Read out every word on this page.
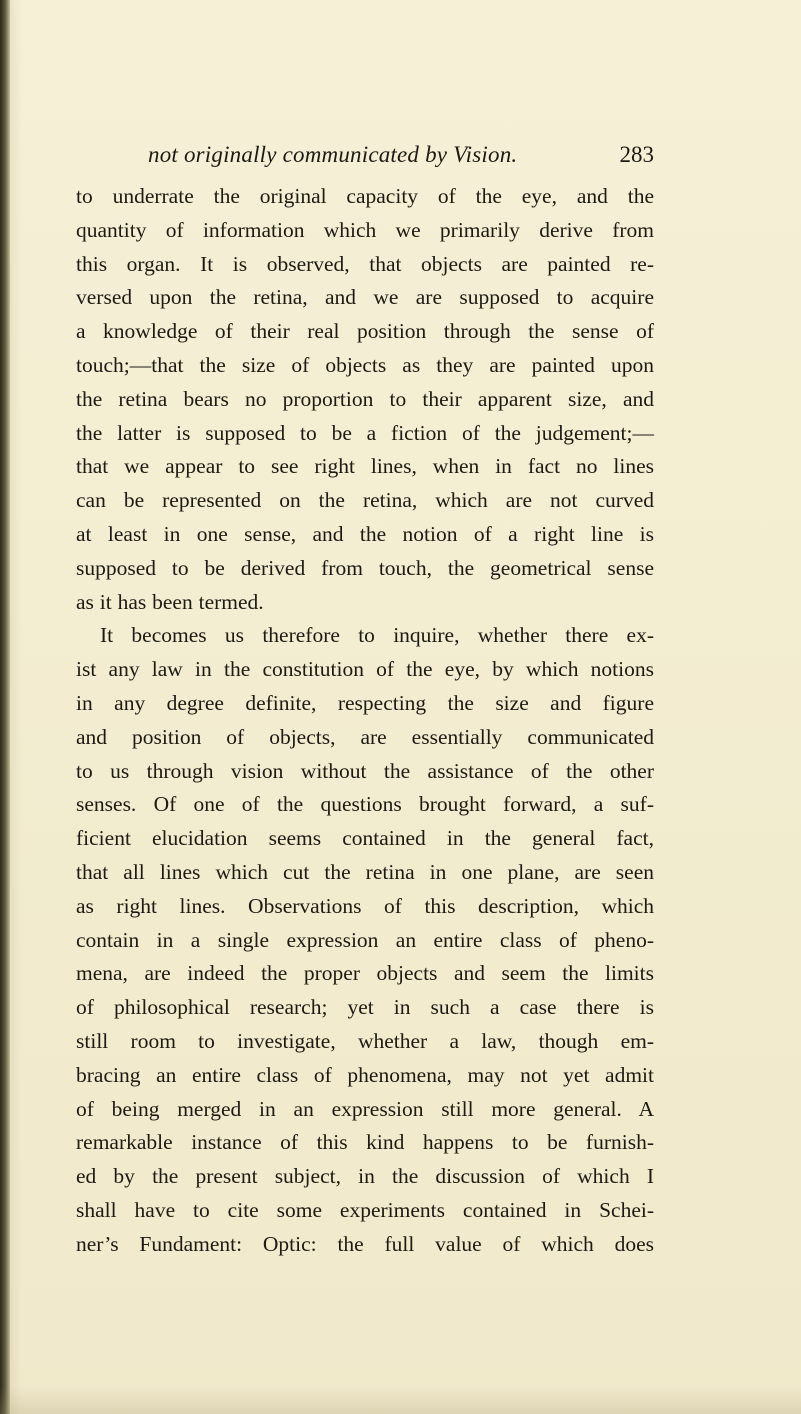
not originally communicated by Vision.	283
to underrate the original capacity of the eye, and the
quantity of information which we primarily derive from
this organ. It is observed, that objects are painted re-
versed upon the retina, and we are supposed to acquire
a knowledge of their real position through the sense of
touch;—that the size of objects as they are painted upon
the retina bears no proportion to their apparent size, and
the latter is supposed to be a fiction of the judgement;—
that we appear to see right lines, when in fact no lines
can be represented on the retina, which are not curved
at least in one sense, and the notion of a right line is
supposed to be derived from touch, the geometrical sense
as it has been termed.
It becomes us therefore to inquire, whether there ex-
ist any law in the constitution of the eye, by which notions
in any degree definite, respecting the size and figure
and position of objects, are essentially communicated
to us through vision without the assistance of the other
senses. Of one of the questions brought forward, a suf-
ficient elucidation seems contained in the general fact,
that all lines which cut the retina in one plane, are seen
as right lines. Observations of this description, which
contain in a single expression an entire class of pheno-
mena, are indeed the proper objects and seem the limits
of philosophical research; yet in such a case there is
still room to investigate, whether a law, though em-
bracing an entire class of phenomena, may not yet admit
of being merged in an expression still more general. A
remarkable instance of this kind happens to be furnish-
ed by the present subject, in the discussion of which I
shall have to cite some experiments contained in Schei-
ner’s Fundament: Optic: the full value of which does
